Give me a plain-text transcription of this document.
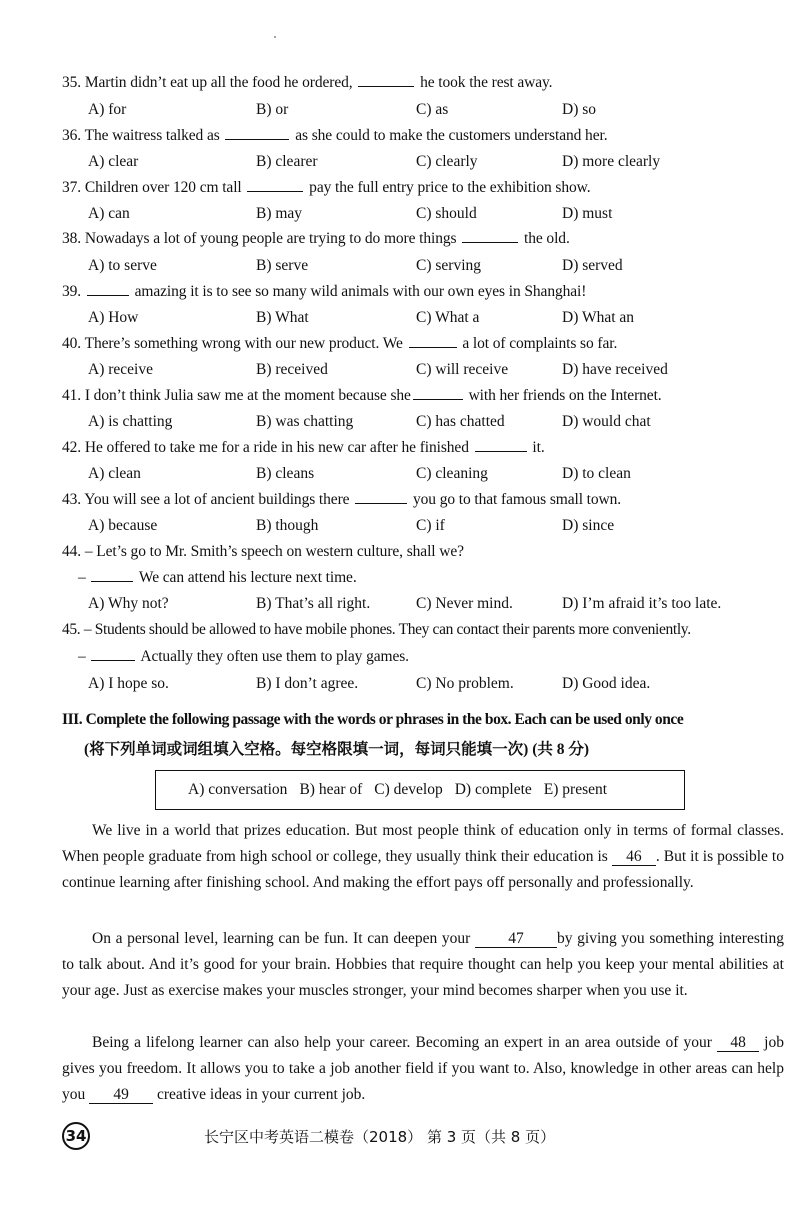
35. Martin didn’t eat up all the food he ordered,	he took the rest away.
A) for	B) or	C) as	D) so
36. The waitress talked as	as she could to make the customers understand her.
A) clear	B) clearer	C) clearly	D) more clearly
37. Children over 120 cm tall	pay the full entry price to the exhibition show.
A) can	B) may	C) should	D) must
38. Nowadays a lot of young people are trying to do more things	the old.
A) to serve	B) serve	C) serving	D) served
39.	amazing it is to see so many wild animals with our own eyes in Shanghai!
A) How	B) What	C) What a	D) What an
40. There’s something wrong with our new product. We	a lot of complaints so far.
A) receive	B) received	C) will receive	D) have received
41. I don’t think Julia saw me at the moment because she	with her friends on the Internet.
A) is chatting	B) was chatting	C) has chatted	D) would chat
42. He offered to take me for a ride in his new car after he finished	it.
A) clean	B) cleans	C) cleaning	D) to clean
43. You will see a lot of ancient buildings there	you go to that famous small town.
A) because	B) though	C) if	D) since
44. – Let’s go to Mr. Smith’s speech on western culture, shall we?
–	We can attend his lecture next time.
A) Why not?	B) That’s all right.	C) Never mind.	D) I’m afraid it’s too late.
45. – Students should be allowed to have mobile phones. They can contact their parents more conveniently.
–	Actually they often use them to play games.
A) I hope so.	B) I don’t agree.	C) No problem.	D) Good idea.
III. Complete the following passage with the words or phrases in the box. Each can be used only once
(将下列单词或词组填入空格。每空格限填一词，每词只能填一次) (共 8 分)
A) conversation B) hear of C) develop D) complete E) present
We live in a world that prizes education. But most people think of education only in terms of formal classes. When people graduate from high school or college, they usually think their education is 46 . But it is possible to continue learning after finishing school. And making the effort pays off personally and professionally.
On a personal level, learning can be fun. It can deepen your 47 by giving you something interesting to talk about. And it’s good for your brain. Hobbies that require thought can help you keep your mental abilities at your age. Just as exercise makes your muscles stronger, your mind becomes sharper when you use it.
Being a lifelong learner can also help your career. Becoming an expert in an area outside of your 48 job gives you freedom. It allows you to take a job another field if you want to. Also, knowledge in other areas can help you 49 creative ideas in your current job.
34	长宁区中考英语二模卷（2018） 第 3 页（共 8 页）
